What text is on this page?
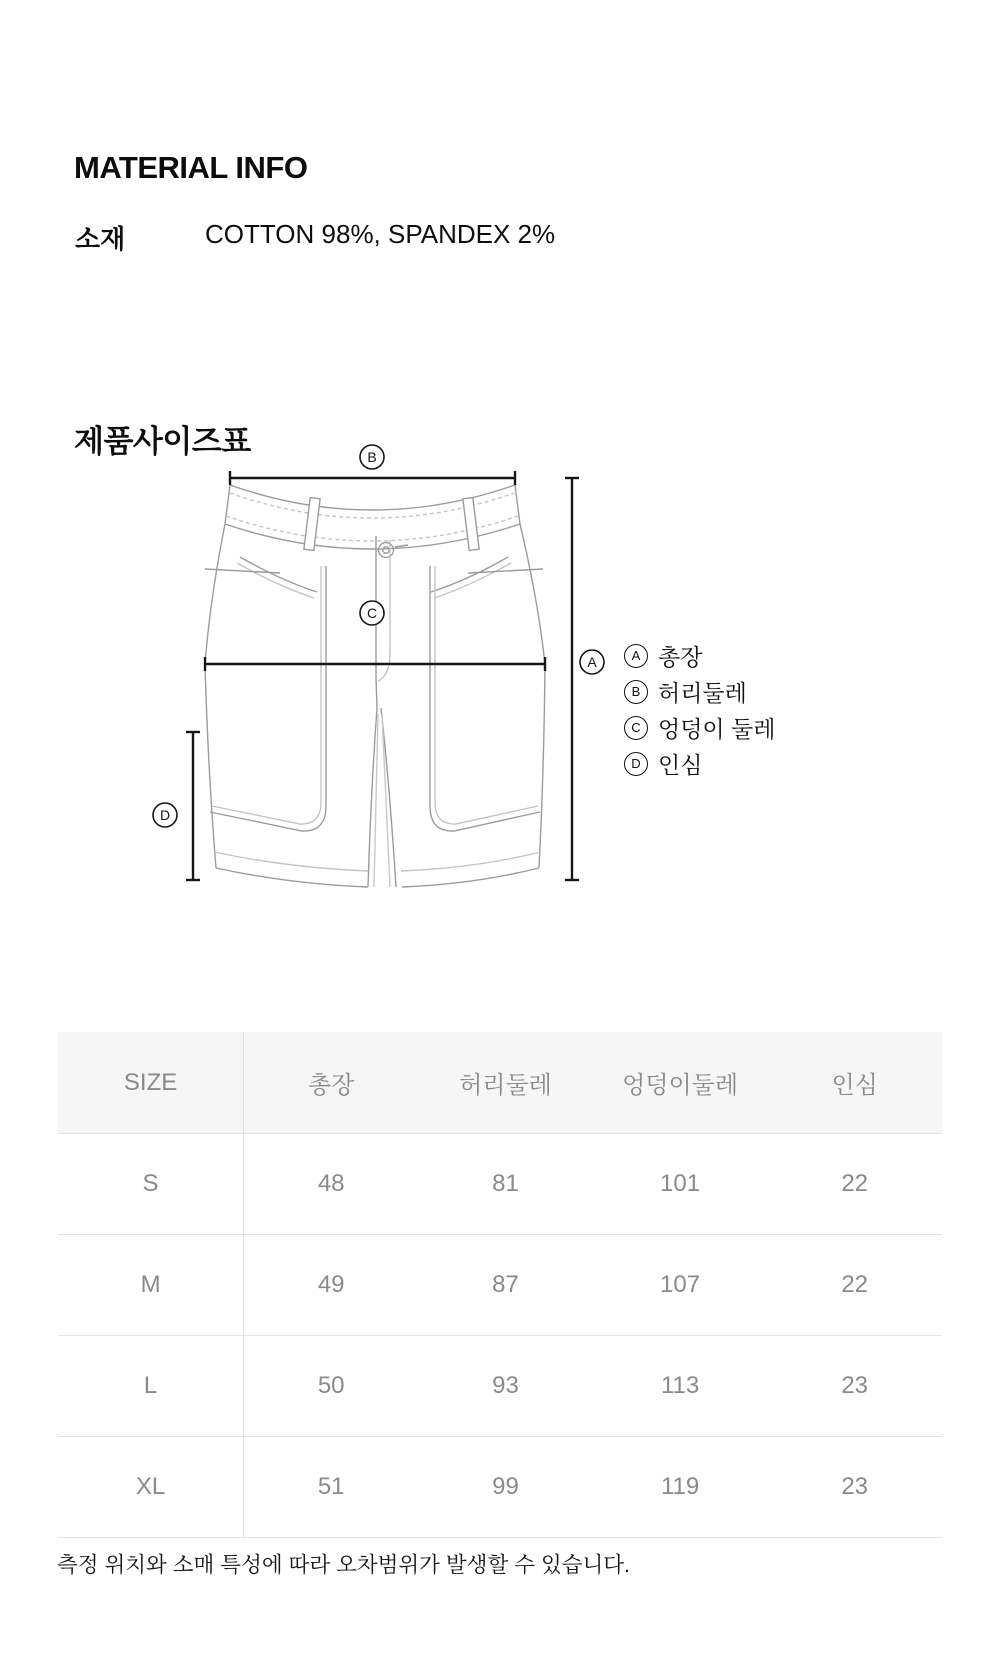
MATERIAL INFO
소재	COTTON 98%, SPANDEX 2%
제품사이즈표	B
A
C
D
A 총장
B 허리둘레
C 엉덩이 둘레
D 인심
SIZE	총장	허리둘레	엉덩이둘레	인심
S	48	81	101	22
M	49	87	107	22
L	50	93	113	23
XL	51	99	119	23
측정 위치와 소매 특성에 따라 오차범위가 발생할 수 있습니다.
